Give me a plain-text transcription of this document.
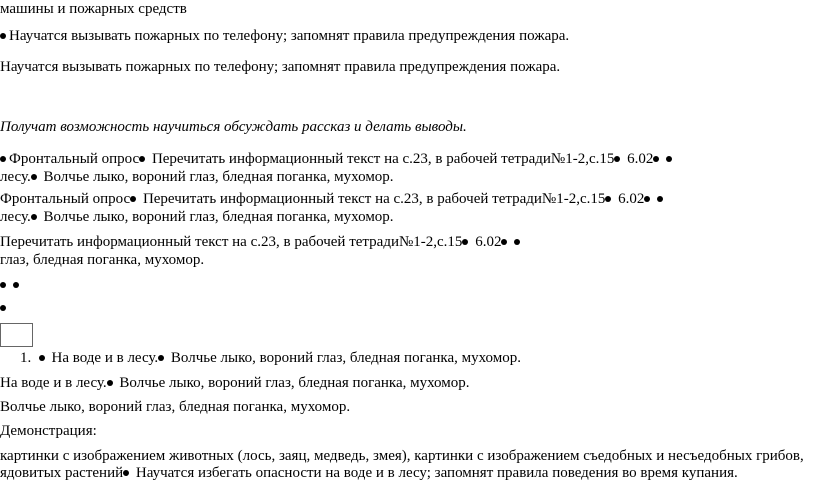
машины и пожарных средств
Научатся вызывать пожарных по телефону; запомнят правила предупреждения пожара.
Научатся вызывать пожарных по телефону; запомнят правила предупреждения пожара.
Получат возможность научиться обсуждать рассказ и делать выводы.
Фронтальный опрос Перечитать информационный текст на с.23, в рабочей тетради№1-2,с.15 6.02
лесу. Волчье лыко, вороний глаз, бледная поганка, мухомор.
Фронтальный опрос Перечитать информационный текст на с.23, в рабочей тетради№1-2,с.15 6.02
лесу. Волчье лыко, вороний глаз, бледная поганка, мухомор.
Перечитать информационный текст на с.23, в рабочей тетради№1-2,с.15 6.02
глаз, бледная поганка, мухомор.

1. На воде и в лесу. Волчье лыко, вороний глаз, бледная поганка, мухомор.
На воде и в лесу. Волчье лыко, вороний глаз, бледная поганка, мухомор.
Волчье лыко, вороний глаз, бледная поганка, мухомор.
Демонстрация:
картинки с изображением животных (лось, заяц, медведь, змея), картинки с изображением съедобных и несъедобных грибов,
ядовитых растений Научатся избегать опасности на воде и в лесу; запомнят правила поведения во время купания.
